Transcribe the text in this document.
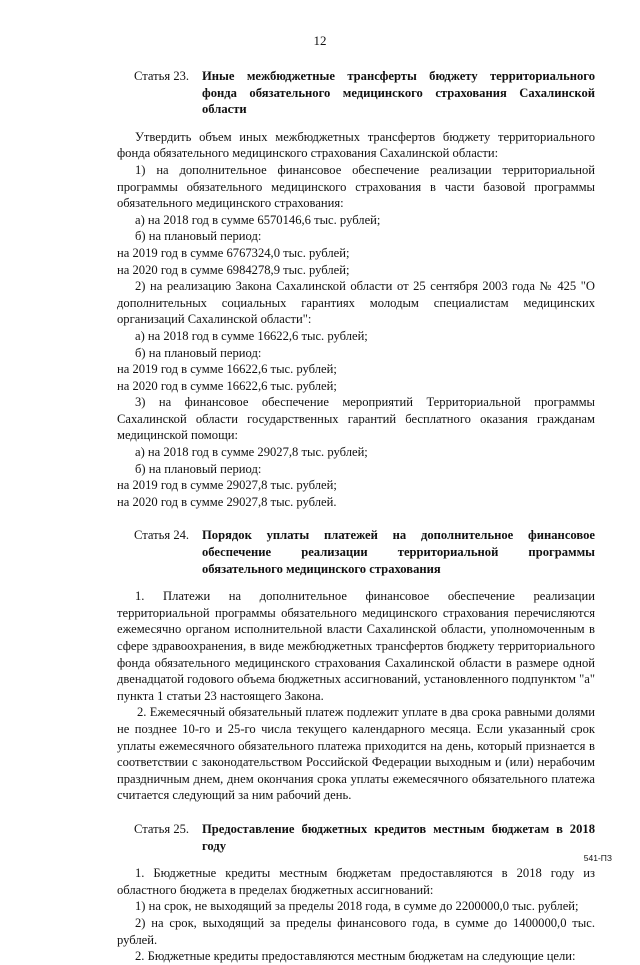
12
Статья 23.	Иные межбюджетные трансферты бюджету территориального фонда обязательного медицинского страхования Сахалинской области

Утвердить объем иных межбюджетных трансфертов бюджету территориального фонда обязательного медицинского страхования Сахалинской области:

1) на дополнительное финансовое обеспечение реализации территориальной программы обязательного медицинского страхования в части базовой программы обязательного медицинского страхования:

а) на 2018 год в сумме 6570146,6 тыс. рублей;

б) на плановый период:

на 2019 год в сумме 6767324,0 тыс. рублей;

на 2020 год в сумме 6984278,9 тыс. рублей;

2) на реализацию Закона Сахалинской области от 25 сентября 2003 года № 425 "О дополнительных социальных гарантиях молодым специалистам медицинских организаций Сахалинской области":

а) на 2018 год в сумме 16622,6 тыс. рублей;

б) на плановый период:

на 2019 год в сумме 16622,6 тыс. рублей;

на 2020 год в сумме 16622,6 тыс. рублей;

3) на финансовое обеспечение мероприятий Территориальной программы Сахалинской области государственных гарантий бесплатного оказания гражданам медицинской помощи:

а) на 2018 год в сумме 29027,8 тыс. рублей;

б) на плановый период:

на 2019 год в сумме 29027,8 тыс. рублей;

на 2020 год в сумме 29027,8 тыс. рублей.

Статья 24.	Порядок уплаты платежей на дополнительное финансовое обеспечение реализации территориальной программы обязательного медицинского страхования

1. Платежи на дополнительное финансовое обеспечение реализации территориальной программы обязательного медицинского страхования перечисляются ежемесячно органом исполнительной власти Сахалинской области, уполномоченным в сфере здравоохранения, в виде межбюджетных трансфертов бюджету территориального фонда обязательного медицинского страхования Сахалинской области в размере одной двенадцатой годового объема бюджетных ассигнований, установленного подпунктом "а" пункта 1 статьи 23 настоящего Закона.

2. Ежемесячный обязательный платеж подлежит уплате в два срока равными долями не позднее 10-го и 25-го числа текущего календарного месяца. Если указанный срок уплаты ежемесячного обязательного платежа приходится на день, который признается в соответствии с законодательством Российской Федерации выходным и (или) нерабочим праздничным днем, днем окончания срока уплаты ежемесячного обязательного платежа считается следующий за ним рабочий день.

Статья 25.	Предоставление бюджетных кредитов местным бюджетам в 2018 году

1. Бюджетные кредиты местным бюджетам предоставляются в 2018 году из областного бюджета в пределах бюджетных ассигнований:

1) на срок, не выходящий за пределы 2018 года, в сумме до 2200000,0 тыс. рублей;

2) на срок, выходящий за пределы финансового года, в сумме до 1400000,0 тыс. рублей.

2. Бюджетные кредиты предоставляются местным бюджетам на следующие цели:

541-ПЗ
